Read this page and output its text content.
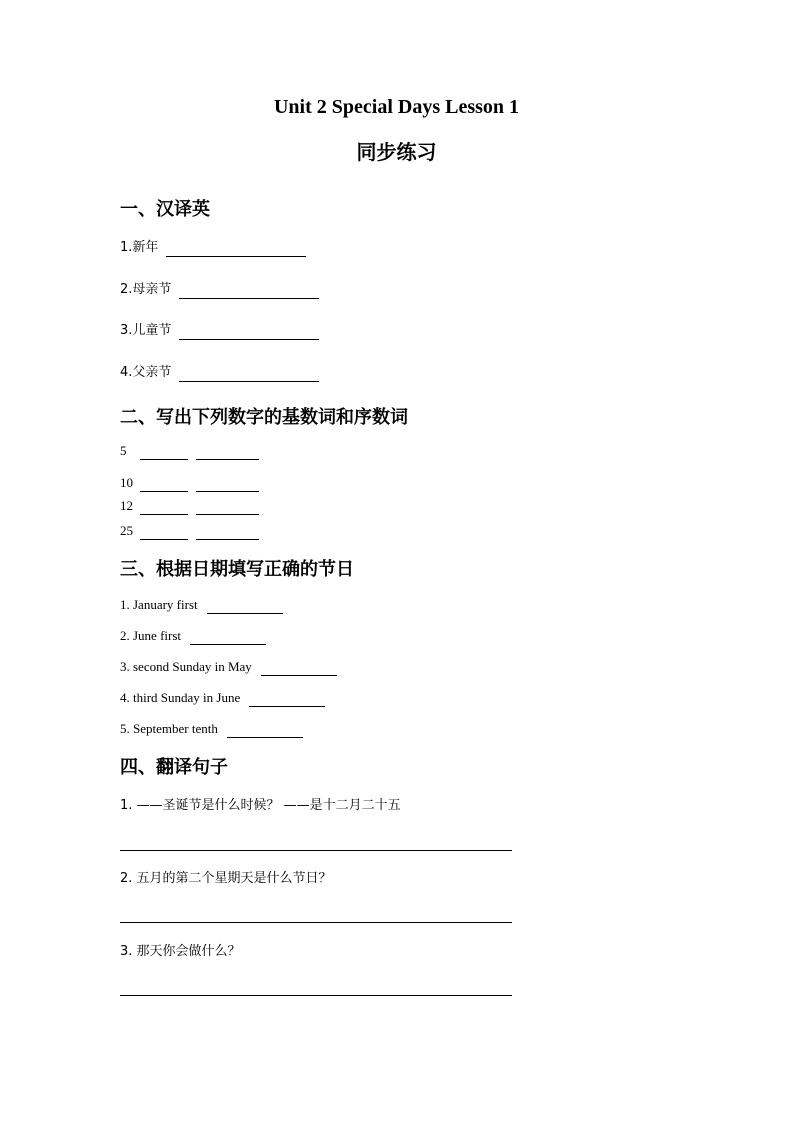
Unit 2 Special Days Lesson 1
同步练习
一、汉译英
1.新年
2.母亲节
3.儿童节
4.父亲节
二、写出下列数字的基数词和序数词
5
10
12
25
三、根据日期填写正确的节日
1. January first
2. June first
3. second Sunday in May
4. third Sunday in June
5. September tenth
四、翻译句子
1. ——圣诞节是什么时候？ ——是十二月二十五
2. 五月的第二个星期天是什么节日？
3. 那天你会做什么？
